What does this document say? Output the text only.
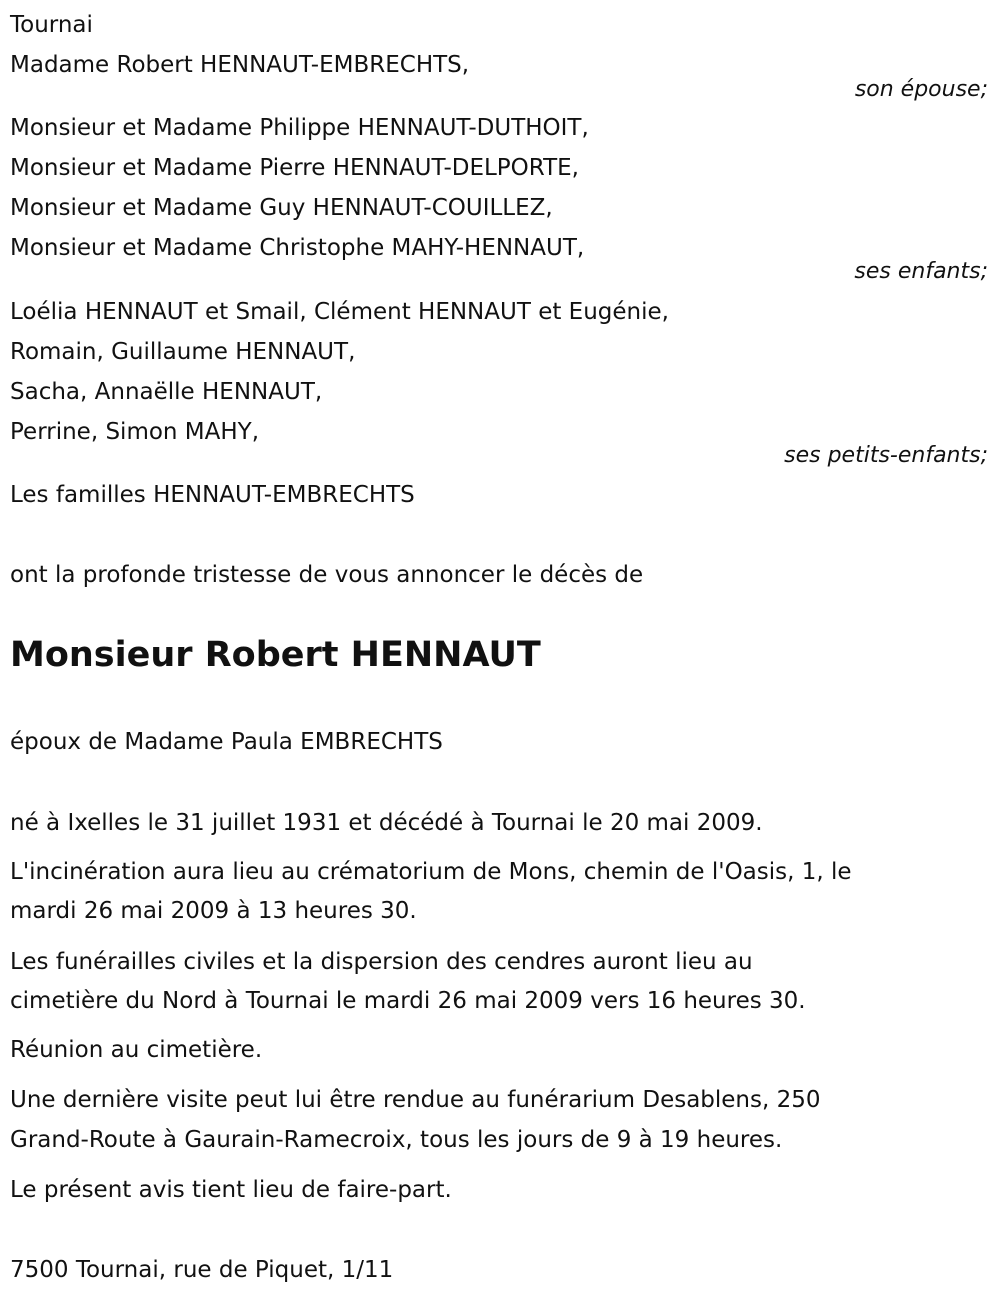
Tournai
Madame Robert HENNAUT-EMBRECHTS,
son épouse;
Monsieur et Madame Philippe HENNAUT-DUTHOIT,
Monsieur et Madame Pierre HENNAUT-DELPORTE,
Monsieur et Madame Guy HENNAUT-COUILLEZ,
Monsieur et Madame Christophe MAHY-HENNAUT,
ses enfants;
Loélia HENNAUT et Smail, Clément HENNAUT et Eugénie,
Romain, Guillaume HENNAUT,
Sacha, Annaëlle HENNAUT,
Perrine, Simon MAHY,
ses petits-enfants;
Les familles HENNAUT-EMBRECHTS
ont la profonde tristesse de vous annoncer le décès de
Monsieur Robert HENNAUT
époux de Madame Paula EMBRECHTS
né à Ixelles le 31 juillet 1931 et décédé à Tournai le 20 mai 2009.
L'incinération aura lieu au crématorium de Mons, chemin de l'Oasis, 1, le
mardi 26 mai 2009 à 13 heures 30.
Les funérailles civiles et la dispersion des cendres auront lieu au
cimetière du Nord à Tournai le mardi 26 mai 2009 vers 16 heures 30.
Réunion au cimetière.
Une dernière visite peut lui être rendue au funérarium Desablens, 250
Grand-Route à Gaurain-Ramecroix, tous les jours de 9 à 19 heures.
Le présent avis tient lieu de faire-part.
7500 Tournai, rue de Piquet, 1/11
